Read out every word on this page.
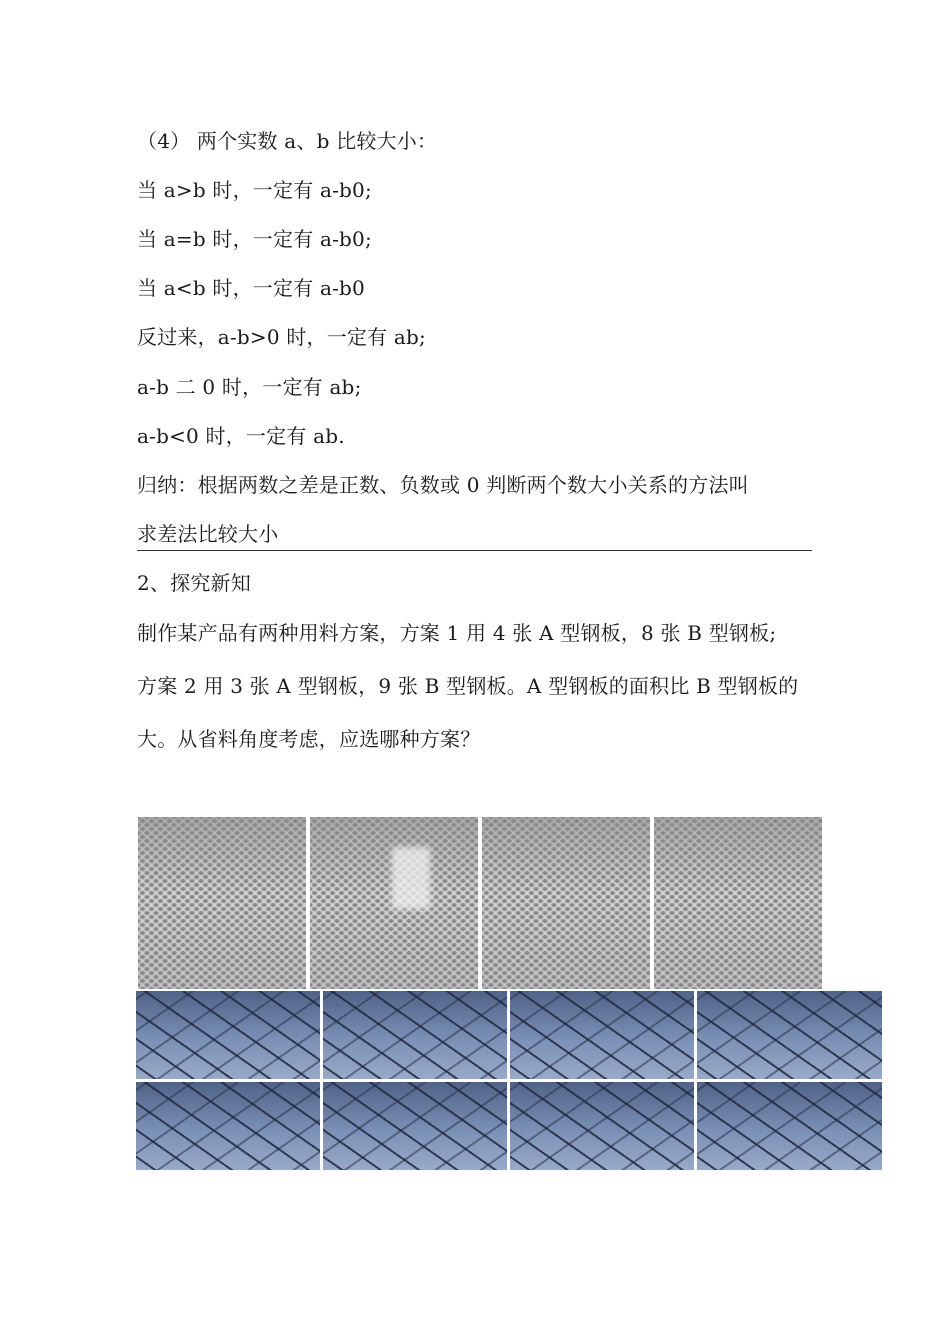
（4） 两个实数 a、b 比较大小：
当 a>b 时，一定有 a-b0;
当 a=b 时，一定有 a-b0;
当 a<b 时，一定有 a-b0
反过来，a-b>0 时，一定有 ab;
a-b 二 0 时，一定有 ab;
a-b<0 时，一定有 ab.
归纳：根据两数之差是正数、负数或 0 判断两个数大小关系的方法叫
求差法比较大小
2、探究新知
制作某产品有两种用料方案，方案 1 用 4 张 A 型钢板，8 张 B 型钢板;
方案 2 用 3 张 A 型钢板，9 张 B 型钢板。A 型钢板的面积比 B 型钢板的
大。从省料角度考虑，应选哪种方案？
